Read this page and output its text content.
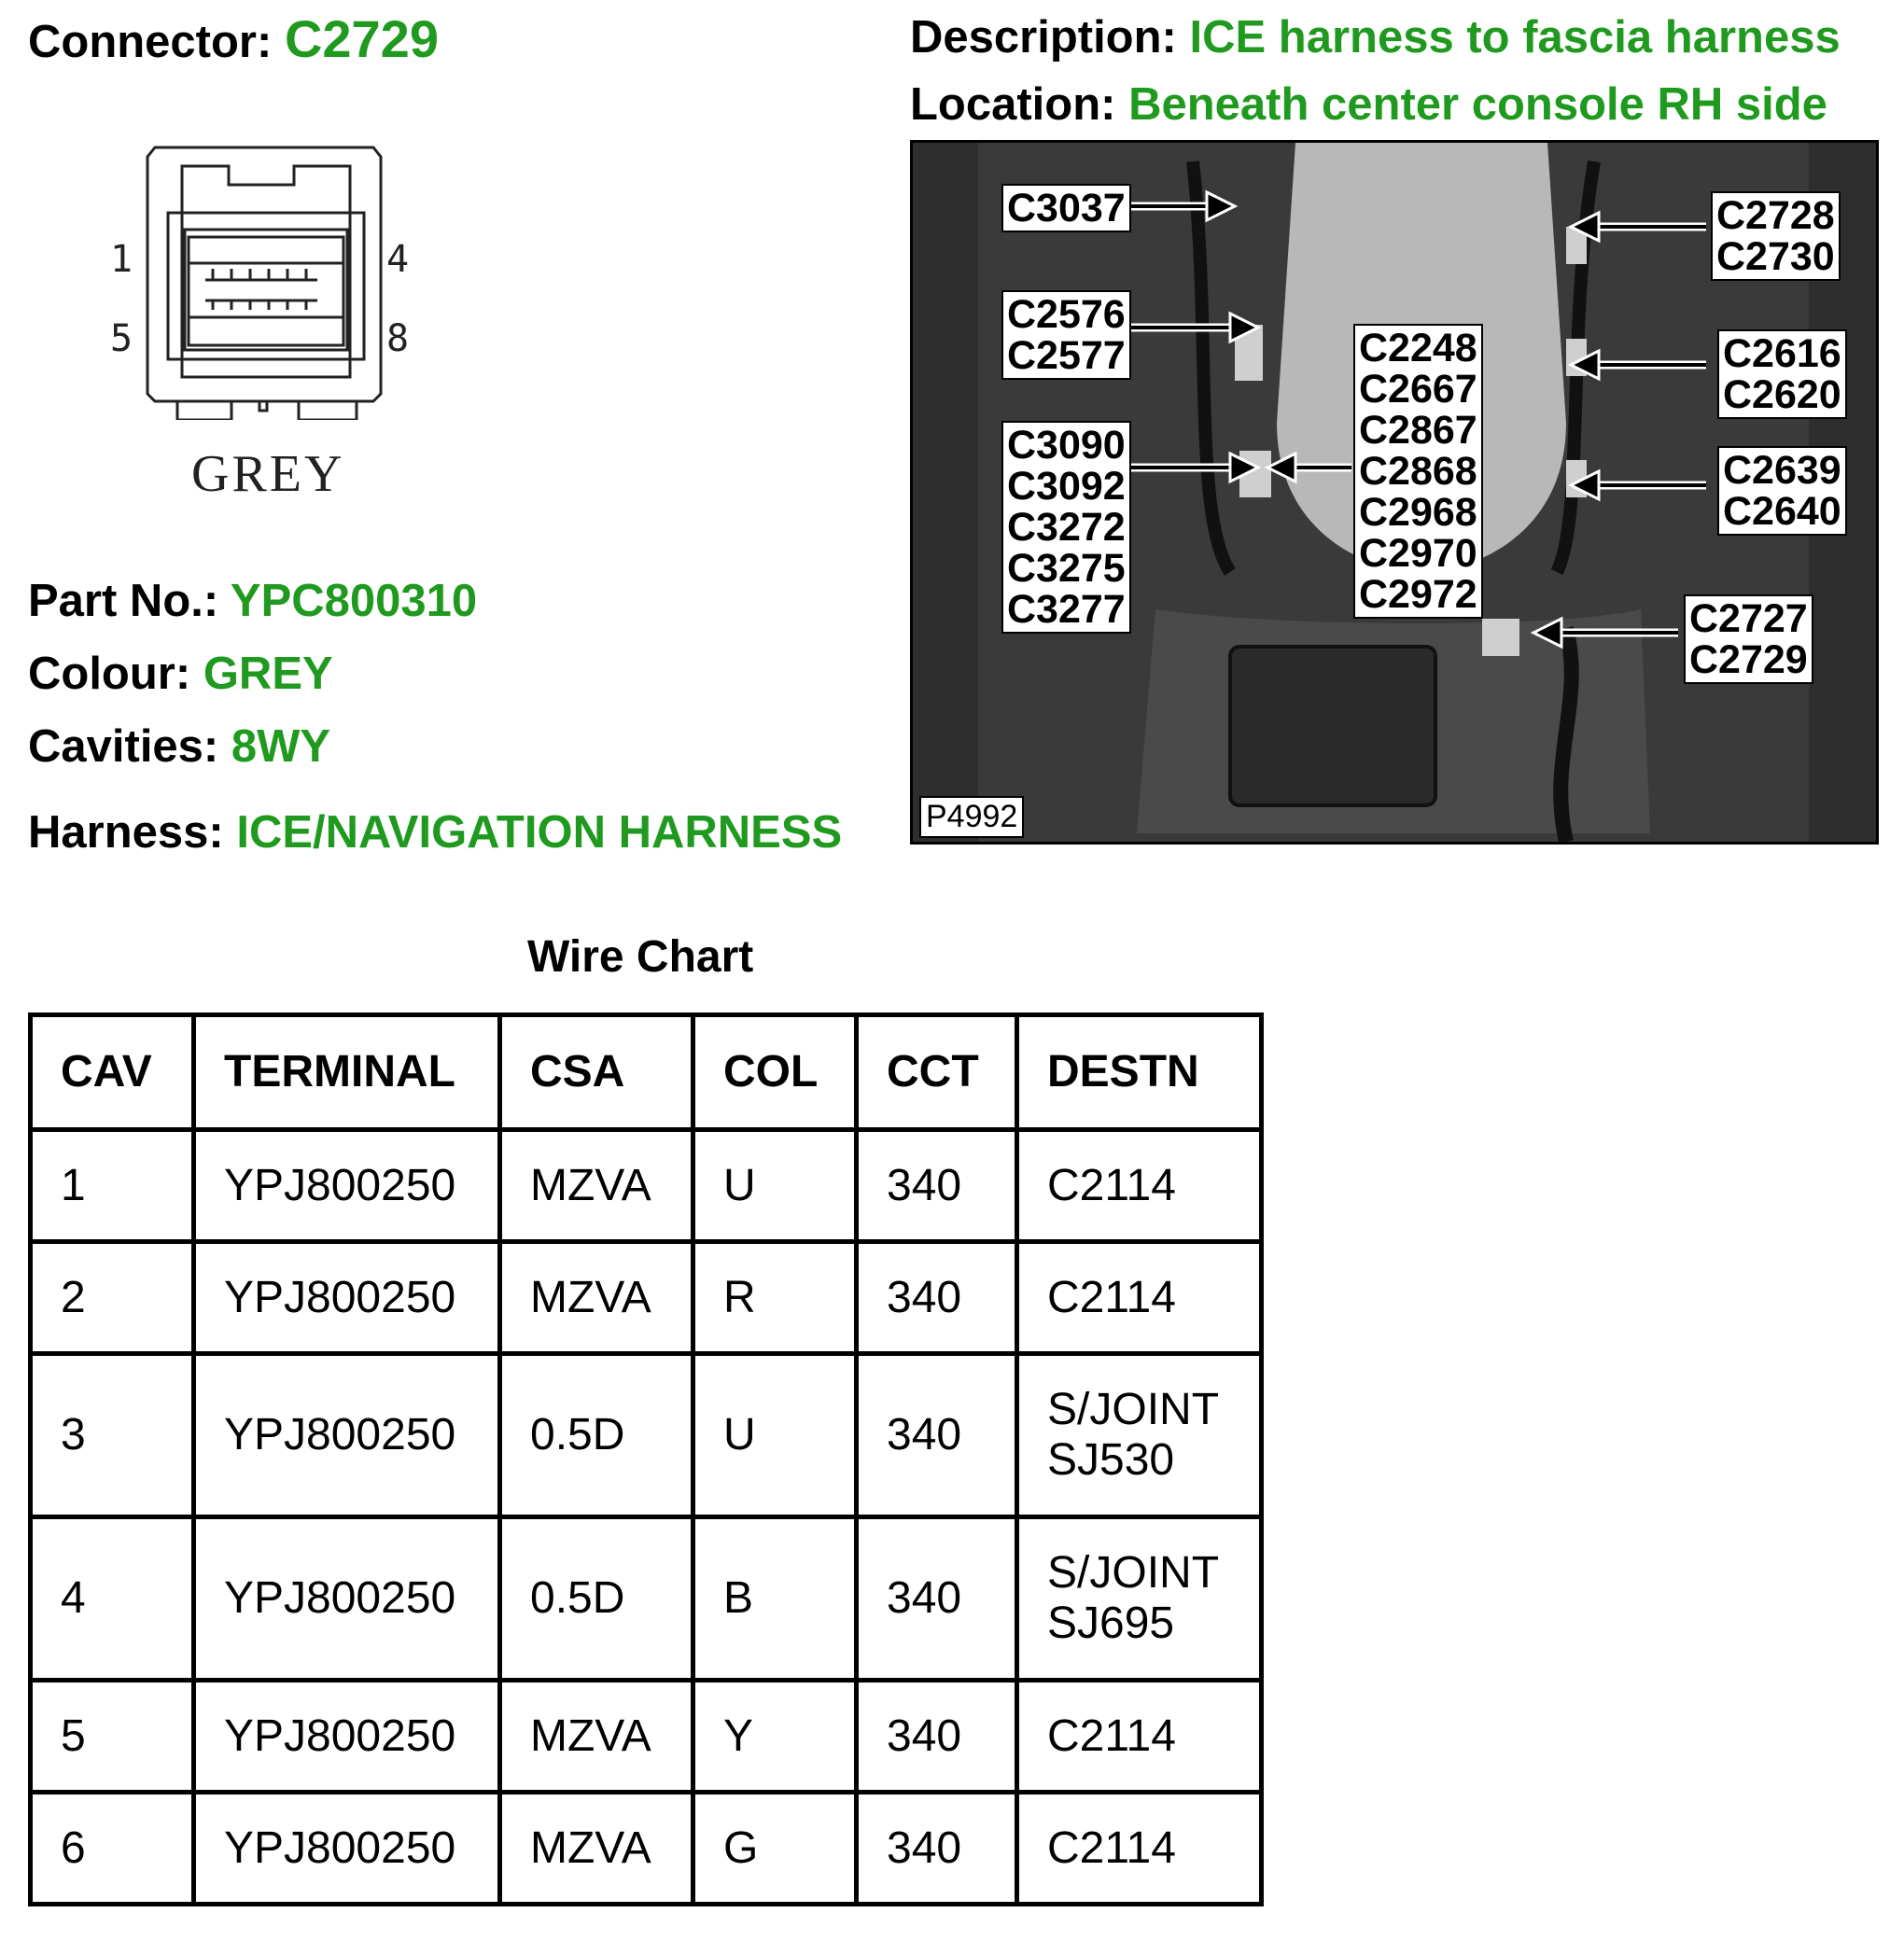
Connector: C2729	Description: ICE harness to fascia harness
Location: Beneath center console RH side
1	4
5	8
GREY
Part No.: YPC800310
Colour: GREY
Cavities: 8WY
Harness: ICE/NAVIGATION HARNESS
C3037
C2576
C2577
C3090
C3092
C3272
C3275
C3277
C2248
C2667
C2867
C2868
C2968
C2970
C2972
C2728
C2730
C2616
C2620
C2639
C2640
C2727
C2729
P4992
Wire Chart
CAV	TERMINAL	CSA	COL	CCT	DESTN
1	YPJ800250	MZVA	U	340	C2114
2	YPJ800250	MZVA	R	340	C2114
3	YPJ800250	0.5D	U	340	S/JOINT
SJ530

4	YPJ800250	0.5D	B	340	S/JOINT
SJ695

5	YPJ800250	MZVA	Y	340	C2114
6	YPJ800250	MZVA	G	340	C2114
